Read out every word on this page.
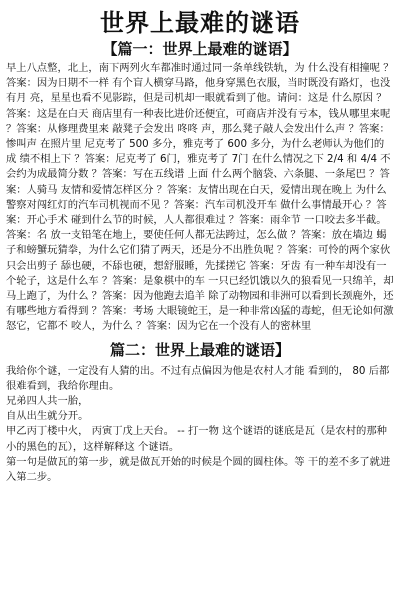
世界上最难的谜语
【篇一：世界上最难的谜语】

早上八点整，北上，南下两列火车都准时通过同一条单线铁轨，为 什么没有相撞呢 ？答案：因为日期不一样 有个盲人横穿马路，他身穿黑色衣服，当时既没有路灯，也没有月 亮，星星也看不见影踪，但是司机却一眼就看到了他。请问：这是 什么原因 ？答案：这是在白天 商店里有一种表比进价还便宜，可商店并没有亏本，钱从哪里来呢 ？答案：从修理费里来 敲凳子会发出 咚咚 声，那么凳子敲人会发出什么声 ？答案：惨叫声 在照片里 尼克考了 500 多分，雅克考了 600 多分，为什么老师认为他们的成 绩不相上下 ？答案：尼克考了 6门，雅克考了 7门 在什么情况之下 2/4 和 4/4 不会约为成最简分数 ？答案：写在五线谱 上面 什么两个脑袋、六条腿、一条尾巴 ？答案：人骑马 友情和爱情怎样区分 ？答案：友情出现在白天，爱情出现在晚上 为什么警察对闯红灯的汽车司机视而不见 ？答案：汽车司机没开车 做什么事情最开心 ？答案：开心手术 碰到什么节的时候，人人都很难过 ？答案：雨伞节 一口咬去多半截。答案：名 放一支铅笔在地上，要使任何人都无法跨过，怎么做 ？答案：放在墙边 蝎子和螃蟹玩猜拳，为什么它们猜了两天，还是分不出胜负呢 ？答案：可怜的两个家伙只会出剪子 舔也硬，不舔也硬，想舒服睡，先揉搓它 答案：牙齿 有一种车却没有一个轮子，这是什么车 ？答案：是象棋中的车 一只已经饥饿以久的狼看见一只绵羊，却马上跑了，为什么 ？答案：因为他跑去追羊 除了动物园和非洲可以看到长颈鹿外，还有哪些地方看得到 ？答案：考场 大眼镜蛇王，是一种非常凶猛的毒蛇，但无论如何激怒它，它都不 咬人，为什么 ？答案：因为它在一个没有人的密林里

篇二：世界上最难的谜语】

我给你个谜，一定没有人猜的出。不过有点偏因为他是农村人才能 看到的， 80 后都很难看到，我给你理由。

兄弟四人共一胎，

自从出生就分开。

甲乙丙丁楼中火， 丙寅丁戊上天台。 -- 打一物 这个谜语的谜底是瓦（是农村的那种小的黑色的瓦），这样解释这 个谜语。

第一句是做瓦的第一步，就是做瓦开始的时候是个圆的圆柱体。等 干的差不多了就进入第二步。
